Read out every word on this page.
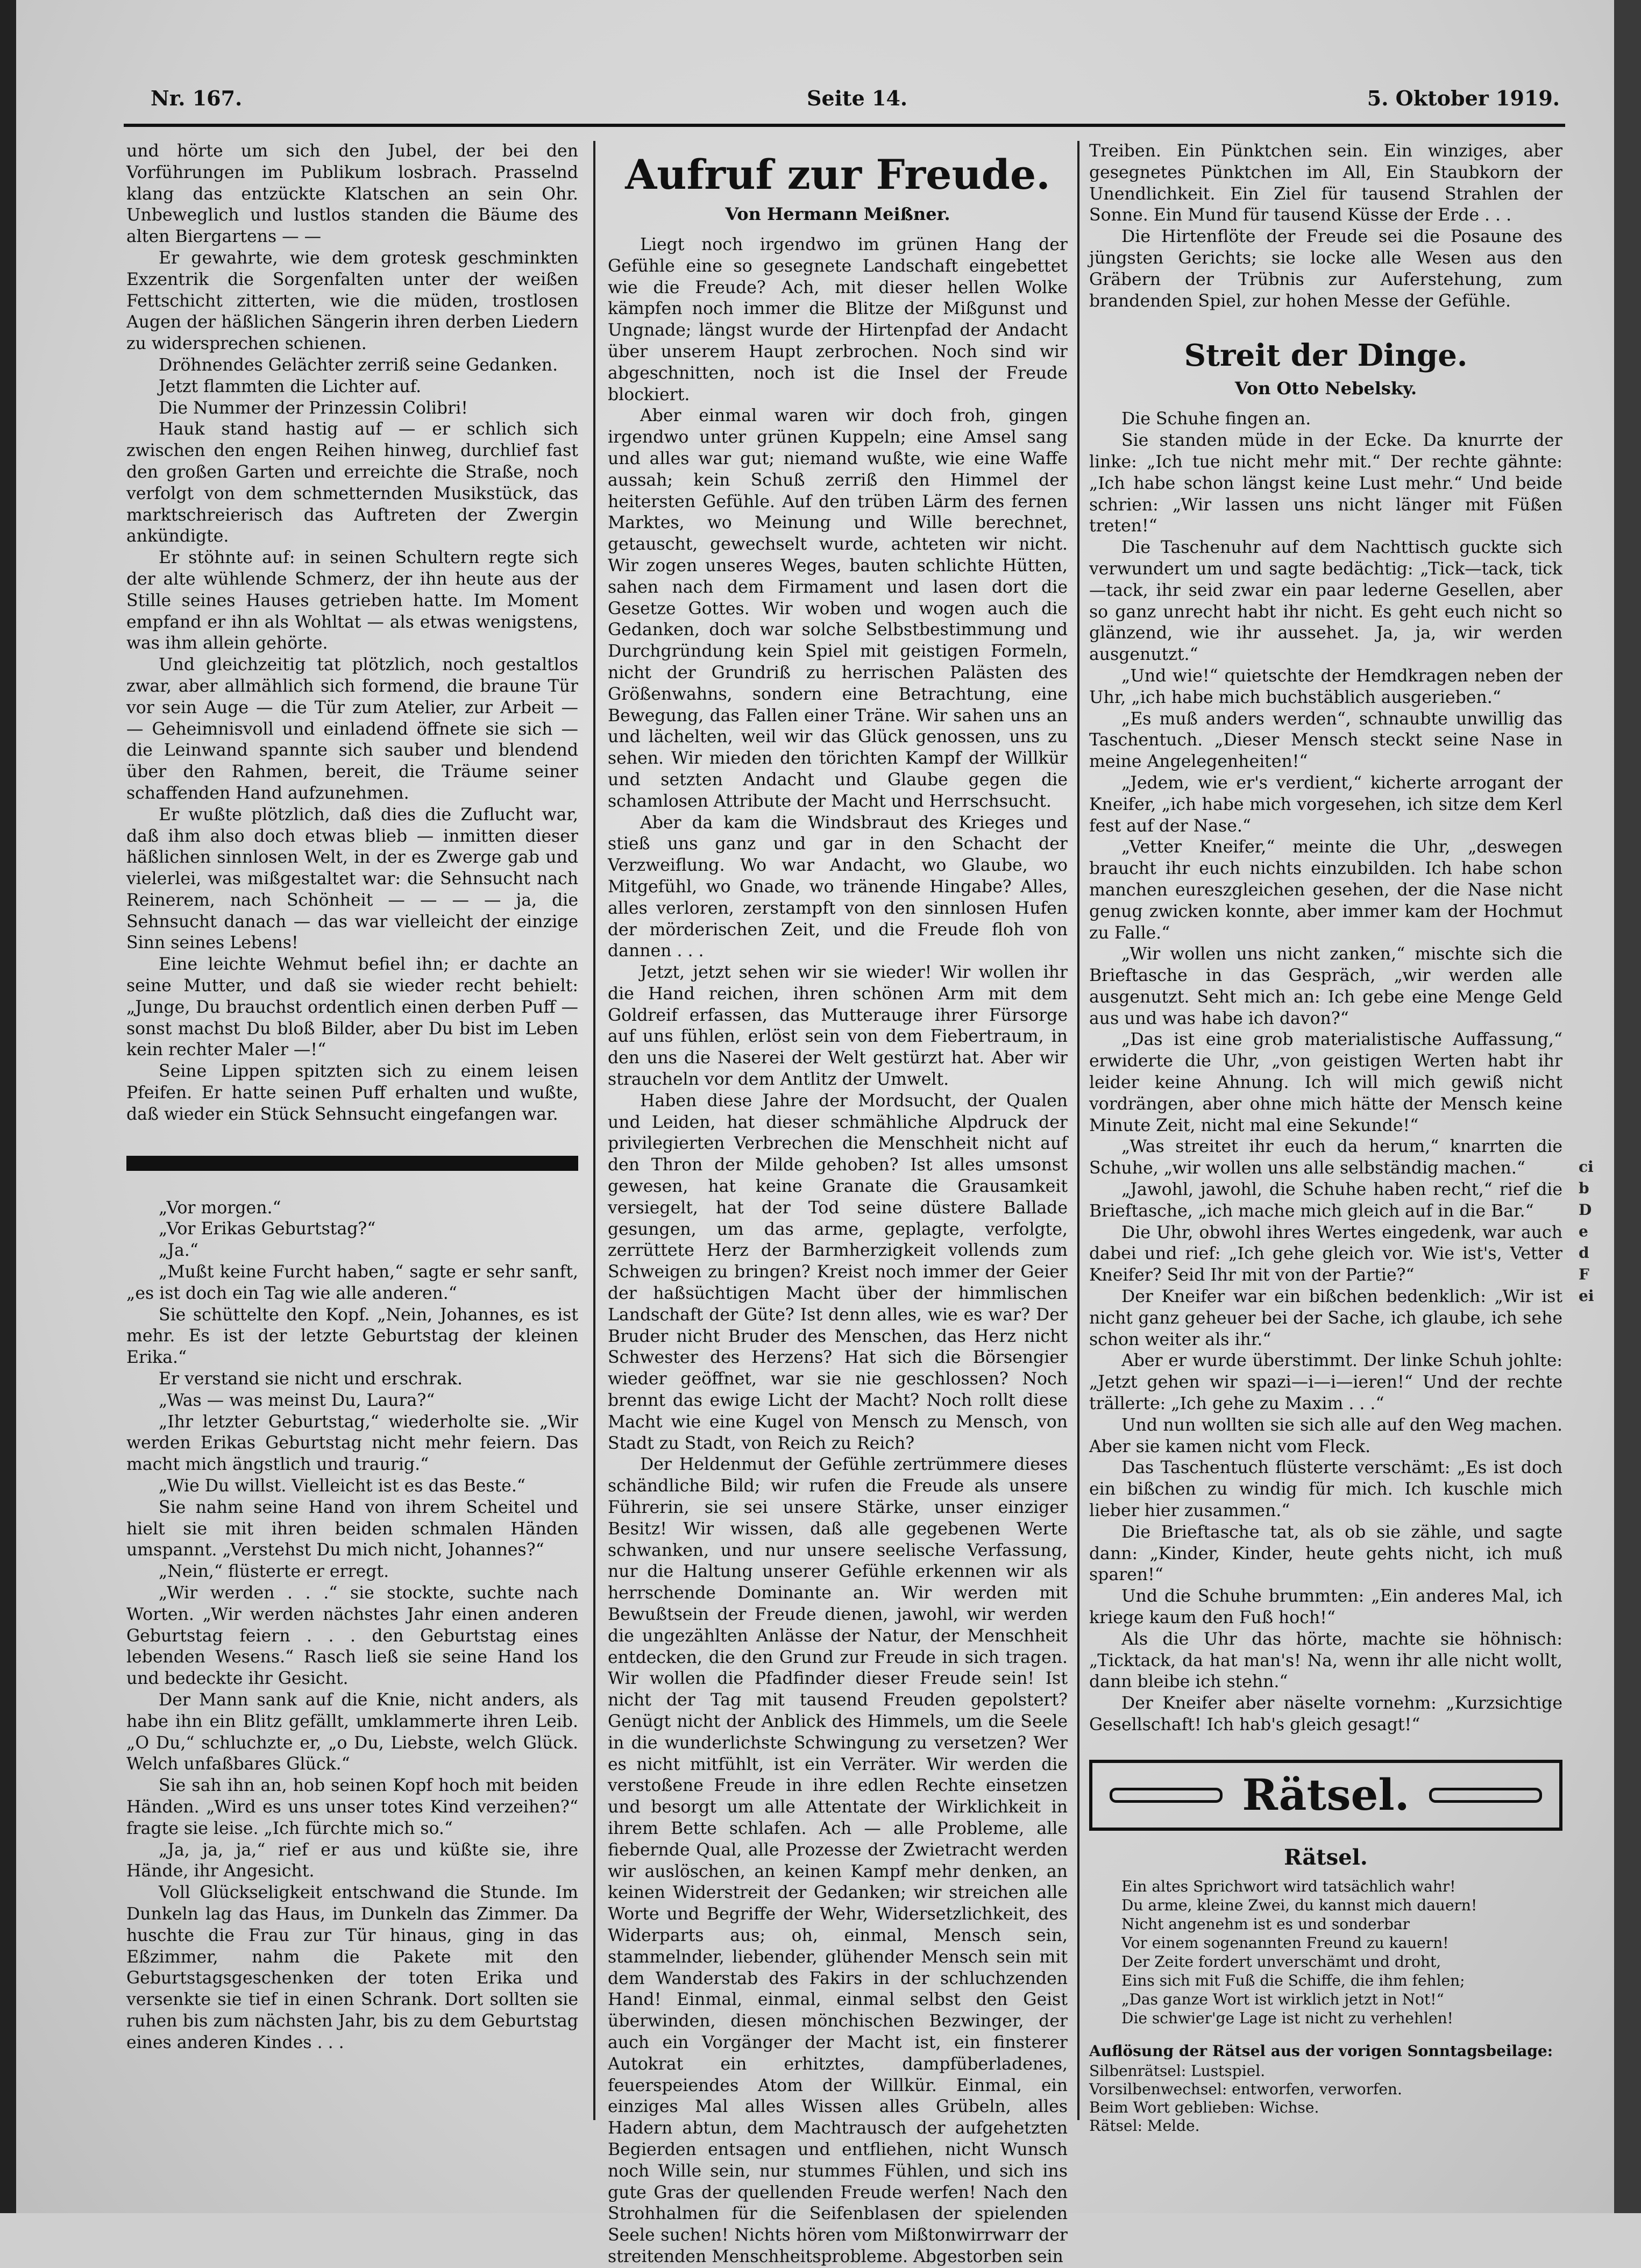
Nr. 167.	Seite 14.	5. Oktober 1919.

und hörte um sich den Jubel, der bei den Vorführungen im Publikum losbrach. Prasselnd klang das entzückte Klatschen an sein Ohr. Unbeweglich und lustlos standen die Bäume des alten Biergartens — —

Er gewahrte, wie dem grotesk geschminkten Exzentrik die Sorgenfalten unter der weißen Fettschicht zitterten, wie die müden, trostlosen Augen der häßlichen Sängerin ihren derben Liedern zu widersprechen schienen.

Dröhnendes Gelächter zerriß seine Gedanken.

Jetzt flammten die Lichter auf.

Die Nummer der Prinzessin Colibri!

Hauk stand hastig auf — er schlich sich zwischen den engen Reihen hinweg, durchlief fast den großen Garten und erreichte die Straße, noch verfolgt von dem schmetternden Musikstück, das marktschreierisch das Auftreten der Zwergin ankündigte.

Er stöhnte auf: in seinen Schultern regte sich der alte wühlende Schmerz, der ihn heute aus der Stille seines Hauses getrieben hatte. Im Moment empfand er ihn als Wohltat — als etwas wenigstens, was ihm allein gehörte.

Und gleichzeitig tat plötzlich, noch gestaltlos zwar, aber allmählich sich formend, die braune Tür vor sein Auge — die Tür zum Atelier, zur Arbeit — — Geheimnisvoll und einladend öffnete sie sich — die Leinwand spannte sich sauber und blendend über den Rahmen, bereit, die Träume seiner schaffenden Hand aufzunehmen.

Er wußte plötzlich, daß dies die Zuflucht war, daß ihm also doch etwas blieb — inmitten dieser häßlichen sinnlosen Welt, in der es Zwerge gab und vielerlei, was mißgestaltet war: die Sehnsucht nach Reinerem, nach Schönheit — — — — ja, die Sehnsucht danach — das war vielleicht der einzige Sinn seines Lebens!

Eine leichte Wehmut befiel ihn; er dachte an seine Mutter, und daß sie wieder recht behielt: „Junge, Du brauchst ordentlich einen derben Puff — sonst machst Du bloß Bilder, aber Du bist im Leben kein rechter Maler —!“

Seine Lippen spitzten sich zu einem leisen Pfeifen. Er hatte seinen Puff erhalten und wußte, daß wieder ein Stück Sehnsucht eingefangen war.

„Vor morgen.“

„Vor Erikas Geburtstag?“

„Ja.“

„Mußt keine Furcht haben,“ sagte er sehr sanft, „es ist doch ein Tag wie alle anderen.“

Sie schüttelte den Kopf. „Nein, Johannes, es ist mehr. Es ist der letzte Geburtstag der kleinen Erika.“

Er verstand sie nicht und erschrak.

„Was — was meinst Du, Laura?“

„Ihr letzter Geburtstag,“ wiederholte sie. „Wir werden Erikas Geburtstag nicht mehr feiern. Das macht mich ängstlich und traurig.“

„Wie Du willst. Vielleicht ist es das Beste.“

Sie nahm seine Hand von ihrem Scheitel und hielt sie mit ihren beiden schmalen Händen umspannt. „Verstehst Du mich nicht, Johannes?“

„Nein,“ flüsterte er erregt.

„Wir werden . . .“ sie stockte, suchte nach Worten. „Wir werden nächstes Jahr einen anderen Geburtstag feiern . . . den Geburtstag eines lebenden Wesens.“ Rasch ließ sie seine Hand los und bedeckte ihr Gesicht.

Der Mann sank auf die Knie, nicht anders, als habe ihn ein Blitz gefällt, umklammerte ihren Leib. „O Du,“ schluchzte er, „o Du, Liebste, welch Glück. Welch unfaßbares Glück.“

Sie sah ihn an, hob seinen Kopf hoch mit beiden Händen. „Wird es uns unser totes Kind verzeihen?“ fragte sie leise. „Ich fürchte mich so.“

„Ja, ja, ja,“ rief er aus und küßte sie, ihre Hände, ihr Angesicht.

Voll Glückseligkeit entschwand die Stunde. Im Dunkeln lag das Haus, im Dunkeln das Zimmer. Da huschte die Frau zur Tür hinaus, ging in das Eßzimmer, nahm die Pakete mit den Geburtstagsgeschenken der toten Erika und versenkte sie tief in einen Schrank. Dort sollten sie ruhen bis zum nächsten Jahr, bis zu dem Geburtstag eines anderen Kindes . . .

Aufruf zur Freude.
Von Hermann Meißner.

Liegt noch irgendwo im grünen Hang der Gefühle eine so gesegnete Landschaft eingebettet wie die Freude? Ach, mit dieser hellen Wolke kämpfen noch immer die Blitze der Mißgunst und Ungnade; längst wurde der Hirtenpfad der Andacht über unserem Haupt zerbrochen. Noch sind wir abgeschnitten, noch ist die Insel der Freude blockiert.

Aber einmal waren wir doch froh, gingen irgendwo unter grünen Kuppeln; eine Amsel sang und alles war gut; niemand wußte, wie eine Waffe aussah; kein Schuß zerriß den Himmel der heitersten Gefühle. Auf den trüben Lärm des fernen Marktes, wo Meinung und Wille berechnet, getauscht, gewechselt wurde, achteten wir nicht. Wir zogen unseres Weges, bauten schlichte Hütten, sahen nach dem Firmament und lasen dort die Gesetze Gottes. Wir woben und wogen auch die Gedanken, doch war solche Selbstbestimmung und Durchgründung kein Spiel mit geistigen Formeln, nicht der Grundriß zu herrischen Palästen des Größenwahns, sondern eine Betrachtung, eine Bewegung, das Fallen einer Träne. Wir sahen uns an und lächelten, weil wir das Glück genossen, uns zu sehen. Wir mieden den törichten Kampf der Willkür und setzten Andacht und Glaube gegen die schamlosen Attribute der Macht und Herrschsucht.

Aber da kam die Windsbraut des Krieges und stieß uns ganz und gar in den Schacht der Verzweiflung. Wo war Andacht, wo Glaube, wo Mitgefühl, wo Gnade, wo tränende Hingabe? Alles, alles verloren, zerstampft von den sinnlosen Hufen der mörderischen Zeit, und die Freude floh von dannen . . .

Jetzt, jetzt sehen wir sie wieder! Wir wollen ihr die Hand reichen, ihren schönen Arm mit dem Goldreif erfassen, das Mutterauge ihrer Fürsorge auf uns fühlen, erlöst sein von dem Fiebertraum, in den uns die Naserei der Welt gestürzt hat. Aber wir straucheln vor dem Antlitz der Umwelt.

Haben diese Jahre der Mordsucht, der Qualen und Leiden, hat dieser schmähliche Alpdruck der privilegierten Verbrechen die Menschheit nicht auf den Thron der Milde gehoben? Ist alles umsonst gewesen, hat keine Granate die Grausamkeit versiegelt, hat der Tod seine düstere Ballade gesungen, um das arme, geplagte, verfolgte, zerrüttete Herz der Barmherzigkeit vollends zum Schweigen zu bringen? Kreist noch immer der Geier der haßsüchtigen Macht über der himmlischen Landschaft der Güte? Ist denn alles, wie es war? Der Bruder nicht Bruder des Menschen, das Herz nicht Schwester des Herzens? Hat sich die Börsengier wieder geöffnet, war sie nie geschlossen? Noch brennt das ewige Licht der Macht? Noch rollt diese Macht wie eine Kugel von Mensch zu Mensch, von Stadt zu Stadt, von Reich zu Reich?

Der Heldenmut der Gefühle zertrümmere dieses schändliche Bild; wir rufen die Freude als unsere Führerin, sie sei unsere Stärke, unser einziger Besitz! Wir wissen, daß alle gegebenen Werte schwanken, und nur unsere seelische Verfassung, nur die Haltung unserer Gefühle erkennen wir als herrschende Dominante an. Wir werden mit Bewußtsein der Freude dienen, jawohl, wir werden die ungezählten Anlässe der Natur, der Menschheit entdecken, die den Grund zur Freude in sich tragen. Wir wollen die Pfadfinder dieser Freude sein! Ist nicht der Tag mit tausend Freuden gepolstert? Genügt nicht der Anblick des Himmels, um die Seele in die wunderlichste Schwingung zu versetzen? Wer es nicht mitfühlt, ist ein Verräter. Wir werden die verstoßene Freude in ihre edlen Rechte einsetzen und besorgt um alle Attentate der Wirklichkeit in ihrem Bette schlafen. Ach — alle Probleme, alle fiebernde Qual, alle Prozesse der Zwietracht werden wir auslöschen, an keinen Kampf mehr denken, an keinen Widerstreit der Gedanken; wir streichen alle Worte und Begriffe der Wehr, Widersetzlichkeit, des Widerparts aus; oh, einmal, Mensch sein, stammelnder, liebender, glühender Mensch sein mit dem Wanderstab des Fakirs in der schluchzenden Hand! Einmal, einmal, einmal selbst den Geist überwinden, diesen mönchischen Bezwinger, der auch ein Vorgänger der Macht ist, ein finsterer Autokrat ein erhitztes, dampfüberladenes, feuerspeiendes Atom der Willkür. Einmal, ein einziges Mal alles Wissen alles Grübeln, alles Hadern abtun, dem Machtrausch der aufgehetzten Begierden entsagen und entfliehen, nicht Wunsch noch Wille sein, nur stummes Fühlen, und sich ins gute Gras der quellenden Freude werfen! Nach den Strohhalmen für die Seifenblasen der spielenden Seele suchen! Nichts hören vom Mißtonwirrwarr der streitenden Menschheitsprobleme. Abgestorben sein

Treiben. Ein Pünktchen sein. Ein winziges, aber gesegnetes Pünktchen im All, Ein Staubkorn der Unendlichkeit. Ein Ziel für tausend Strahlen der Sonne. Ein Mund für tausend Küsse der Erde . . .

Die Hirtenflöte der Freude sei die Posaune des jüngsten Gerichts; sie locke alle Wesen aus den Gräbern der Trübnis zur Auferstehung, zum brandenden Spiel, zur hohen Messe der Gefühle.

Streit der Dinge.
Von Otto Nebelsky.

Die Schuhe fingen an.

Sie standen müde in der Ecke. Da knurrte der linke: „Ich tue nicht mehr mit.“ Der rechte gähnte: „Ich habe schon längst keine Lust mehr.“ Und beide schrien: „Wir lassen uns nicht länger mit Füßen treten!“

Die Taschenuhr auf dem Nachttisch guckte sich verwundert um und sagte bedächtig: „Tick—tack, tick—tack, ihr seid zwar ein paar lederne Gesellen, aber so ganz unrecht habt ihr nicht. Es geht euch nicht so glänzend, wie ihr aussehet. Ja, ja, wir werden ausgenutzt.“

„Und wie!“ quietschte der Hemdkragen neben der Uhr, „ich habe mich buchstäblich ausgerieben.“

„Es muß anders werden“, schnaubte unwillig das Taschentuch. „Dieser Mensch steckt seine Nase in meine Angelegenheiten!“

„Jedem, wie er's verdient,“ kicherte arrogant der Kneifer, „ich habe mich vorgesehen, ich sitze dem Kerl fest auf der Nase.“

„Vetter Kneifer,“ meinte die Uhr, „deswegen braucht ihr euch nichts einzubilden. Ich habe schon manchen eureszgleichen gesehen, der die Nase nicht genug zwicken konnte, aber immer kam der Hochmut zu Falle.“

„Wir wollen uns nicht zanken,“ mischte sich die Brieftasche in das Gespräch, „wir werden alle ausgenutzt. Seht mich an: Ich gebe eine Menge Geld aus und was habe ich davon?“

„Das ist eine grob materialistische Auffassung,“ erwiderte die Uhr, „von geistigen Werten habt ihr leider keine Ahnung. Ich will mich gewiß nicht vordrängen, aber ohne mich hätte der Mensch keine Minute Zeit, nicht mal eine Sekunde!“

„Was streitet ihr euch da herum,“ knarrten die Schuhe, „wir wollen uns alle selbständig machen.“

„Jawohl, jawohl, die Schuhe haben recht,“ rief die Brieftasche, „ich mache mich gleich auf in die Bar.“

Die Uhr, obwohl ihres Wertes eingedenk, war auch dabei und rief: „Ich gehe gleich vor. Wie ist's, Vetter Kneifer? Seid Ihr mit von der Partie?“

Der Kneifer war ein bißchen bedenklich: „Wir ist nicht ganz geheuer bei der Sache, ich glaube, ich sehe schon weiter als ihr.“

Aber er wurde überstimmt. Der linke Schuh johlte: „Jetzt gehen wir spazi—i—i—ieren!“ Und der rechte trällerte: „Ich gehe zu Maxim . . .“

Und nun wollten sie sich alle auf den Weg machen. Aber sie kamen nicht vom Fleck.

Das Taschentuch flüsterte verschämt: „Es ist doch ein bißchen zu windig für mich. Ich kuschle mich lieber hier zusammen.“

Die Brieftasche tat, als ob sie zähle, und sagte dann: „Kinder, Kinder, heute gehts nicht, ich muß sparen!“

Und die Schuhe brummten: „Ein anderes Mal, ich kriege kaum den Fuß hoch!“

Als die Uhr das hörte, machte sie höhnisch: „Ticktack, da hat man's! Na, wenn ihr alle nicht wollt, dann bleibe ich stehn.“

Der Kneifer aber näselte vornehm: „Kurzsichtige Gesellschaft! Ich hab's gleich gesagt!“

Rätsel.
Rätsel.

Ein altes Sprichwort wird tatsächlich wahr!

Du arme, kleine Zwei, du kannst mich dauern!

Nicht angenehm ist es und sonderbar

Vor einem sogenannten Freund zu kauern!

Der Zeite fordert unverschämt und droht,

Eins sich mit Fuß die Schiffe, die ihm fehlen;

„Das ganze Wort ist wirklich jetzt in Not!“

Die schwier'ge Lage ist nicht zu verhehlen!

Auflösung der Rätsel aus der vorigen Sonntagsbeilage:

Silbenrätsel: Lustspiel.

Vorsilbenwechsel: entworfen, verworfen.

Beim Wort geblieben: Wichse.

Rätsel: Melde.

ci
b
D
e
d
F
ei
